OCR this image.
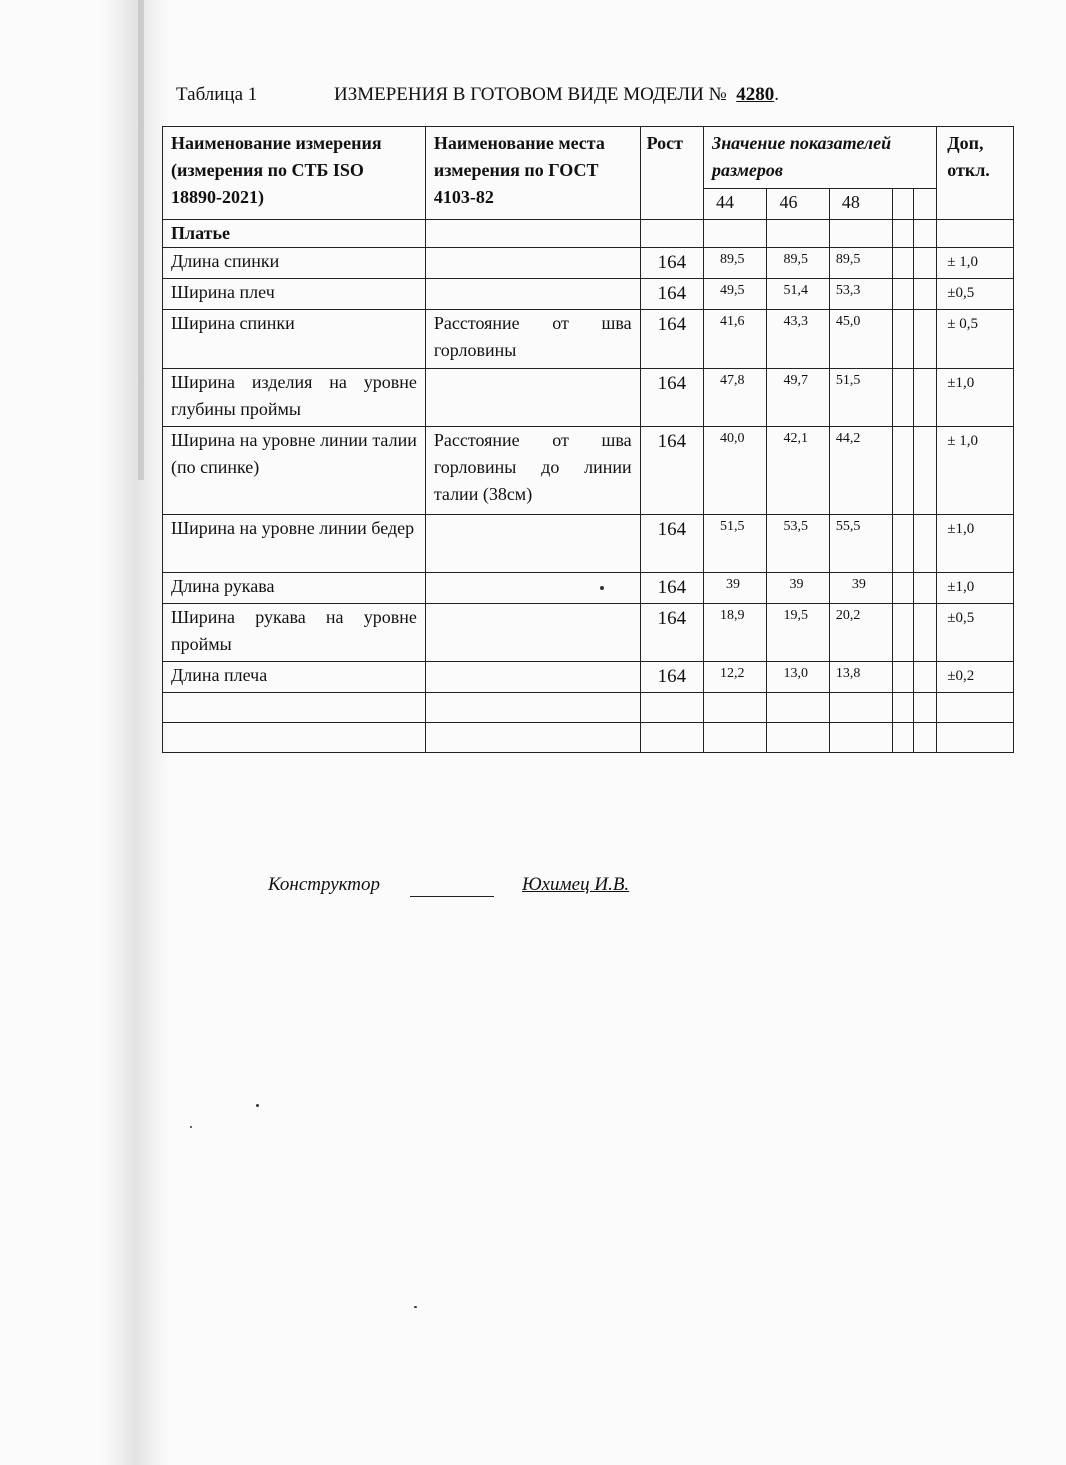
Таблица 1	ИЗМЕРЕНИЯ В ГОТОВОМ ВИДЕ МОДЕЛИ № 4280.
Наименование измерения (измерения по СТБ ISO 18890-2021)	Наименование места измерения по ГОСТ 4103-82	Рост	Значение показателей размеров					Доп, откл.
			44	46	48			
Платье								
Длина спинки		164	89,5	89,5	89,5			± 1,0
Ширина плеч		164	49,5	51,4	53,3			±0,5
Ширина спинки	Расстояние от шва горловины	164	41,6	43,3	45,0			± 0,5
Ширина изделия на уровне глубины проймы		164	47,8	49,7	51,5			±1,0
Ширина на уровне линии талии (по спинке)	Расстояние от шва горловины до линии талии (38см)	164	40,0	42,1	44,2			± 1,0
Ширина на уровне линии бедер		164	51,5	53,5	55,5			±1,0
Длина рукава		164	39	39	39			±1,0
Ширина рукава на уровне проймы		164	18,9	19,5	20,2			±0,5
Длина плеча		164	12,2	13,0	13,8			±0,2

Конструктор	Юхимец И.В.
